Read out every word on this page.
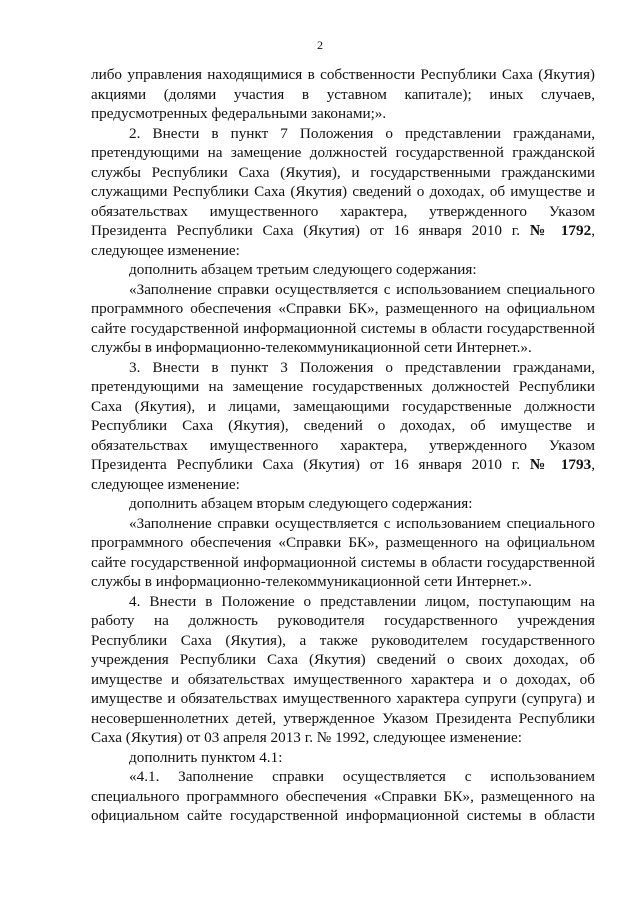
2

либо управления находящимися в собственности Республики Саха (Якутия) акциями (долями участия в уставном капитале); иных случаев, предусмотренных федеральными законами;».

2. Внести в пункт 7 Положения о представлении гражданами, претендующими на замещение должностей государственной гражданской службы Республики Саха (Якутия), и государственными гражданскими служащими Республики Саха (Якутия) сведений о доходах, об имуществе и обязательствах имущественного характера, утвержденного Указом Президента Республики Саха (Якутия) от 16 января 2010 г. № 1792, следующее изменение:

дополнить абзацем третьим следующего содержания:

«Заполнение справки осуществляется с использованием специального программного обеспечения «Справки БК», размещенного на официальном сайте государственной информационной системы в области государственной службы в информационно-телекоммуникационной сети Интернет.».

3. Внести в пункт 3 Положения о представлении гражданами, претендующими на замещение государственных должностей Республики Саха (Якутия), и лицами, замещающими государственные должности Республики Саха (Якутия), сведений о доходах, об имуществе и обязательствах имущественного характера, утвержденного Указом Президента Республики Саха (Якутия) от 16 января 2010 г. № 1793, следующее изменение:

дополнить абзацем вторым следующего содержания:

«Заполнение справки осуществляется с использованием специального программного обеспечения «Справки БК», размещенного на официальном сайте государственной информационной системы в области государственной службы в информационно-телекоммуникационной сети Интернет.».

4. Внести в Положение о представлении лицом, поступающим на работу на должность руководителя государственного учреждения Республики Саха (Якутия), а также руководителем государственного учреждения Республики Саха (Якутия) сведений о своих доходах, об имуществе и обязательствах имущественного характера и о доходах, об имуществе и обязательствах имущественного характера супруги (супруга) и несовершеннолетних детей, утвержденное Указом Президента Республики Саха (Якутия) от 03 апреля 2013 г. № 1992, следующее изменение:

дополнить пунктом 4.1:

«4.1. Заполнение справки осуществляется с использованием специального программного обеспечения «Справки БК», размещенного на официальном сайте государственной информационной системы в области
